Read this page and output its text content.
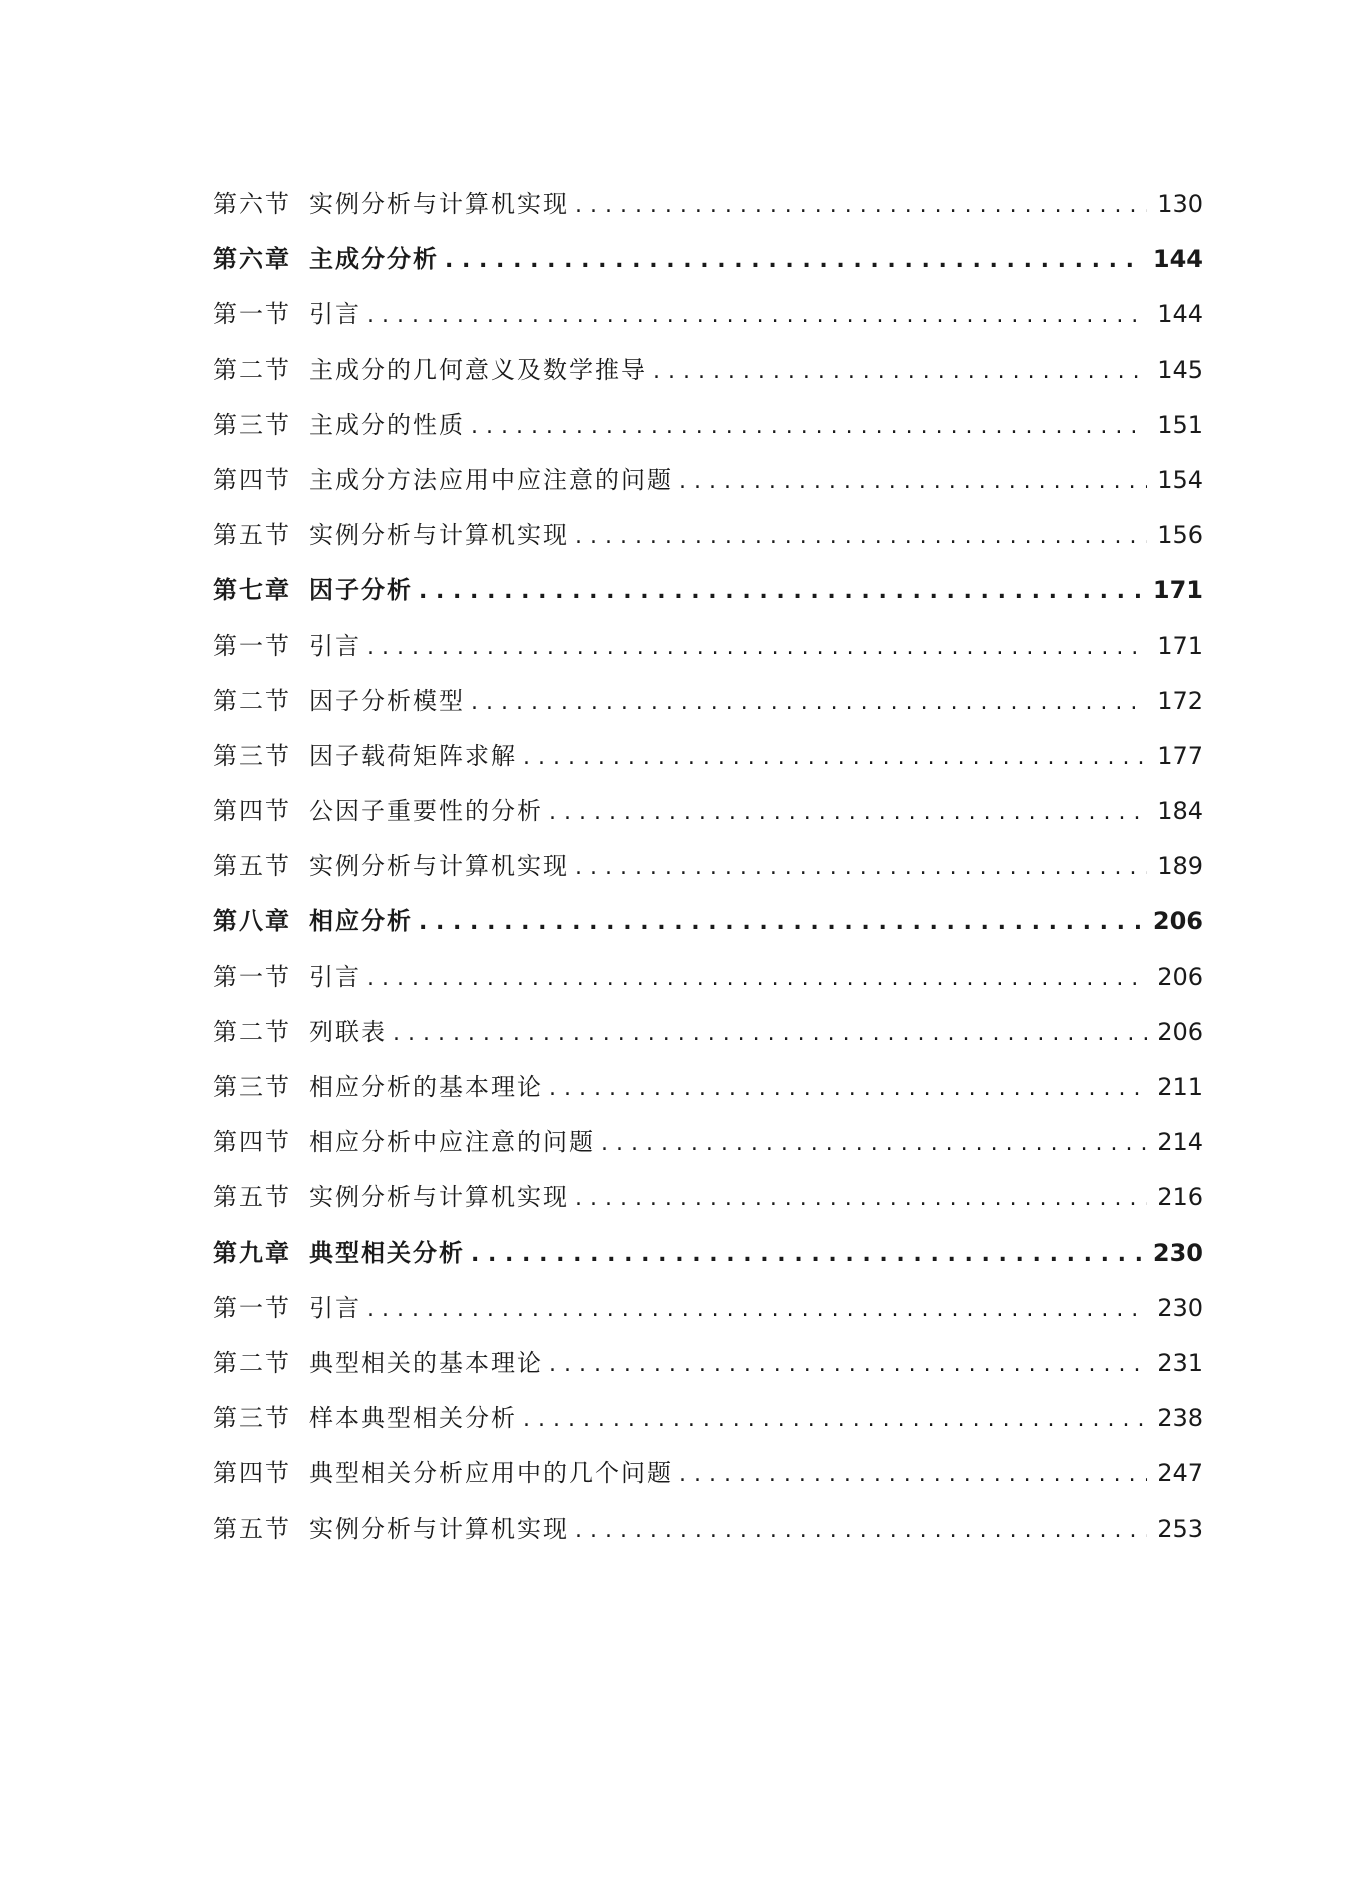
第六节 实例分析与计算机实现 . . .	130
第六章 主成分分析 . . .	144
第一节 引言 . . .	144
第二节 主成分的几何意义及数学推导 . . .	145
第三节 主成分的性质 . . .	151
第四节 主成分方法应用中应注意的问题 . . .	154
第五节 实例分析与计算机实现 . . .	156
第七章 因子分析 . . .	171
第一节 引言 . . .	171
第二节 因子分析模型 . . .	172
第三节 因子载荷矩阵求解 . . .	177
第四节 公因子重要性的分析 . . .	184
第五节 实例分析与计算机实现 . . .	189
第八章 相应分析 . . .	206
第一节 引言 . . .	206
第二节 列联表 . . .	206
第三节 相应分析的基本理论 . . .	211
第四节 相应分析中应注意的问题 . . .	214
第五节 实例分析与计算机实现 . . .	216
第九章 典型相关分析 . . .	230
第一节 引言 . . .	230
第二节 典型相关的基本理论 . . .	231
第三节 样本典型相关分析 . . .	238
第四节 典型相关分析应用中的几个问题 . . .	247
第五节 实例分析与计算机实现 . . .	253
